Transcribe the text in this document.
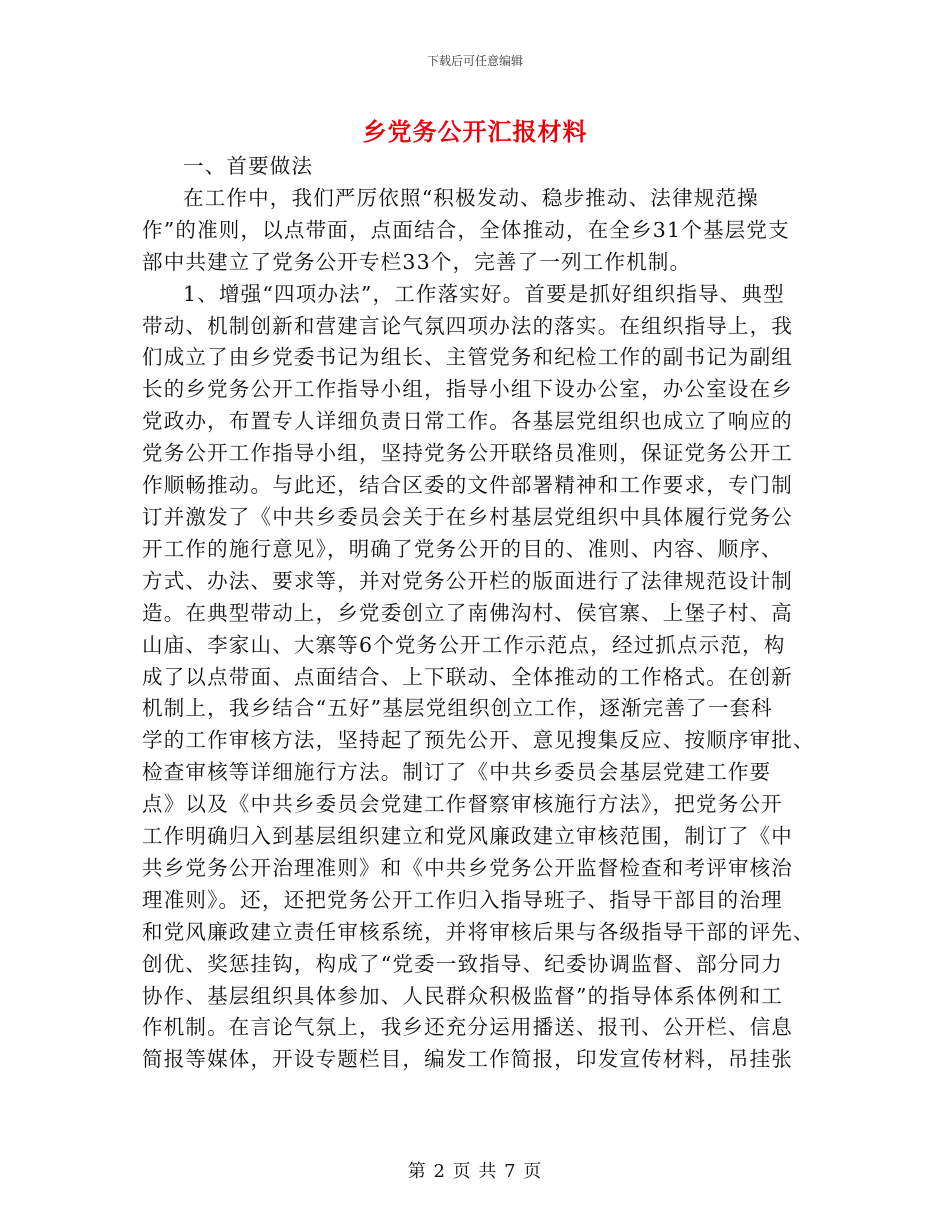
下载后可任意编辑
乡党务公开汇报材料

一、首要做法

在工作中，我们严厉依照“积极发动、稳步推动、法律规范操
作”的准则，以点带面，点面结合，全体推动，在全乡31个基层党支
部中共建立了党务公开专栏33个，完善了一列工作机制。

1、增强“四项办法”，工作落实好。首要是抓好组织指导、典型
带动、机制创新和营建言论气氛四项办法的落实。在组织指导上，我
们成立了由乡党委书记为组长、主管党务和纪检工作的副书记为副组
长的乡党务公开工作指导小组，指导小组下设办公室，办公室设在乡
党政办，布置专人详细负责日常工作。各基层党组织也成立了响应的
党务公开工作指导小组，坚持党务公开联络员准则，保证党务公开工
作顺畅推动。与此还，结合区委的文件部署精神和工作要求，专门制
订并激发了《中共乡委员会关于在乡村基层党组织中具体履行党务公
开工作的施行意见》，明确了党务公开的目的、准则、内容、顺序、
方式、办法、要求等，并对党务公开栏的版面进行了法律规范设计制
造。在典型带动上，乡党委创立了南佛沟村、侯官寨、上堡子村、高
山庙、李家山、大寨等6个党务公开工作示范点，经过抓点示范，构
成了以点带面、点面结合、上下联动、全体推动的工作格式。在创新
机制上，我乡结合“五好”基层党组织创立工作，逐渐完善了一套科
学的工作审核方法，坚持起了预先公开、意见搜集反应、按顺序审批、
检查审核等详细施行方法。制订了《中共乡委员会基层党建工作要
点》以及《中共乡委员会党建工作督察审核施行方法》，把党务公开
工作明确归入到基层组织建立和党风廉政建立审核范围，制订了《中
共乡党务公开治理准则》和《中共乡党务公开监督检查和考评审核治
理准则》。还，还把党务公开工作归入指导班子、指导干部目的治理
和党风廉政建立责任审核系统，并将审核后果与各级指导干部的评先、
创优、奖惩挂钩，构成了“党委一致指导、纪委协调监督、部分同力
协作、基层组织具体参加、人民群众积极监督”的指导体系体例和工
作机制。在言论气氛上，我乡还充分运用播送、报刊、公开栏、信息
简报等媒体，开设专题栏目，编发工作简报，印发宣传材料，吊挂张

第 2 页 共 7 页
